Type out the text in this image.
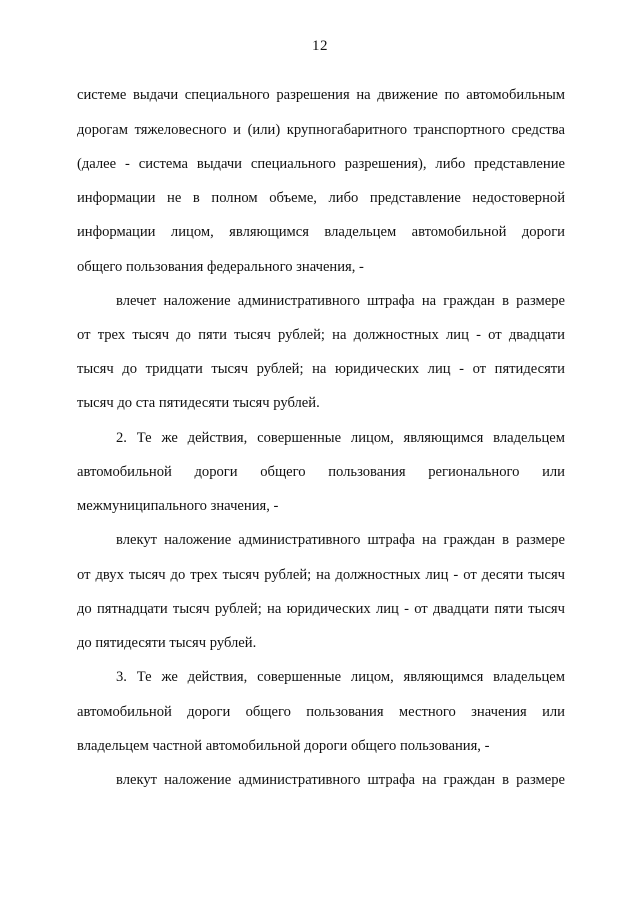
12
системе выдачи специального разрешения на движение по автомобильным
дорогам тяжеловесного и (или) крупногабаритного транспортного средства
(далее - система выдачи специального разрешения), либо представление
информации не в полном объеме, либо представление недостоверной
информации лицом, являющимся владельцем автомобильной дороги
общего пользования федерального значения, -
влечет наложение административного штрафа на граждан в размере
от трех тысяч до пяти тысяч рублей; на должностных лиц - от двадцати
тысяч до тридцати тысяч рублей; на юридических лиц - от пятидесяти
тысяч до ста пятидесяти тысяч рублей.
2. Те же действия, совершенные лицом, являющимся владельцем
автомобильной дороги общего пользования регионального или
межмуниципального значения, -
влекут наложение административного штрафа на граждан в размере
от двух тысяч до трех тысяч рублей; на должностных лиц - от десяти тысяч
до пятнадцати тысяч рублей; на юридических лиц - от двадцати пяти тысяч
до пятидесяти тысяч рублей.
3. Те же действия, совершенные лицом, являющимся владельцем
автомобильной дороги общего пользования местного значения или
владельцем частной автомобильной дороги общего пользования, -
влекут наложение административного штрафа на граждан в размере
